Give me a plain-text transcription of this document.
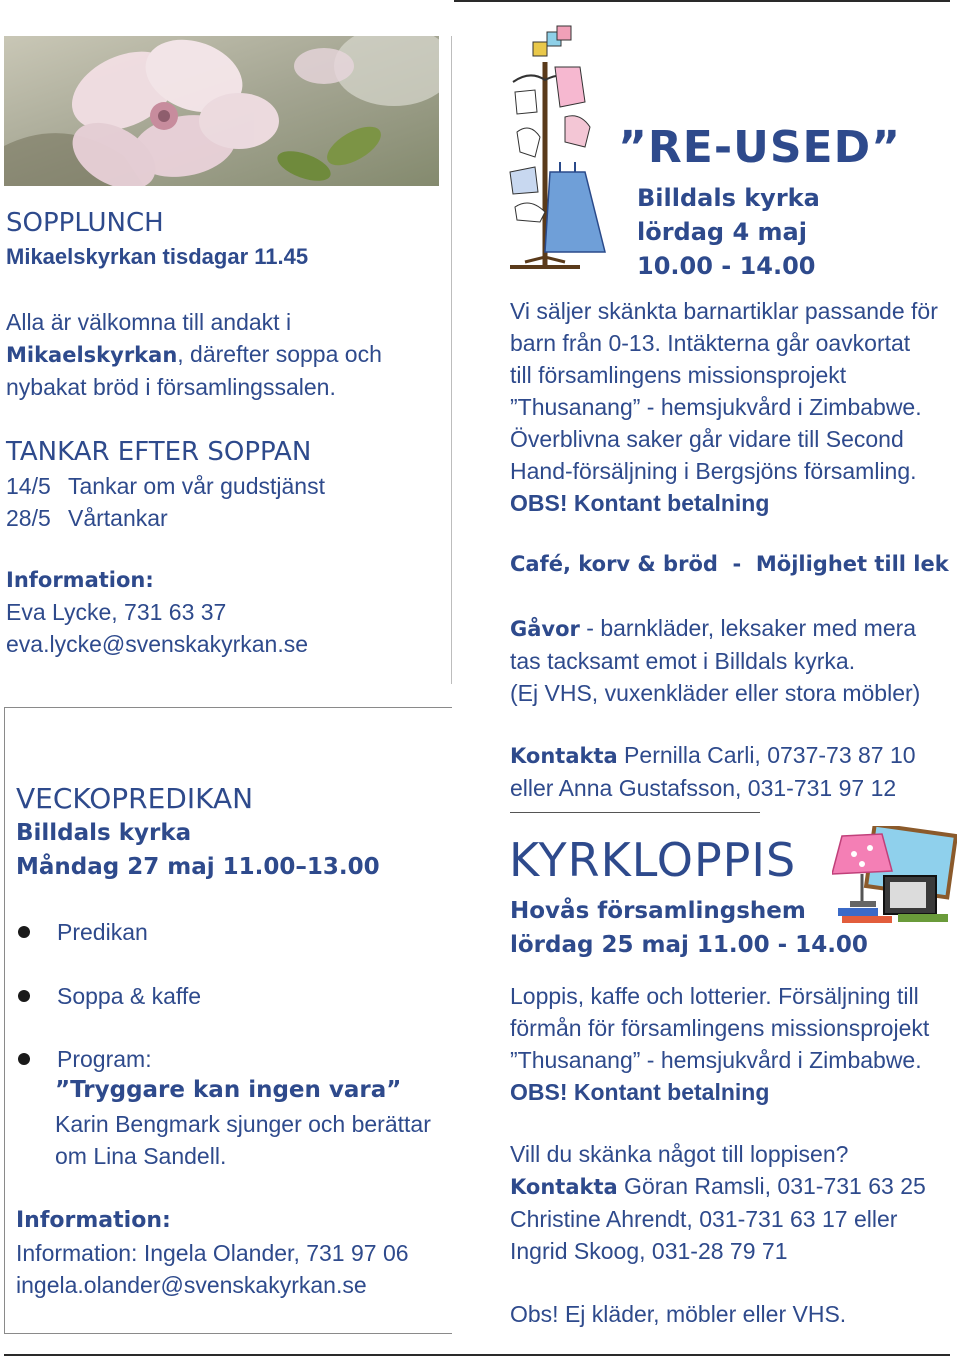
SOPPLUNCH
Mikaelskyrkan tisdagar 11.45
Alla är välkomna till andakt i
Mikaelskyrkan, därefter soppa och
nybakat bröd i församlingssalen.
TANKAR EFTER SOPPAN
14/5 Tankar om vår gudstjänst
28/5 Vårtankar
Information:
Eva Lycke, 731 63 37
eva.lycke@svenskakyrkan.se
VECKOPREDIKAN
Billdals kyrka
Måndag 27 maj 11.00–13.00
Predikan
Soppa & kaffe
Program:
”Tryggare kan ingen vara”
Karin Bengmark sjunger och berättar
om Lina Sandell.
Information:
Information: Ingela Olander, 731 97 06
ingela.olander@svenskakyrkan.se
”RE-USED”
Billdals kyrka
lördag 4 maj
10.00 - 14.00
Vi säljer skänkta barnartiklar passande för
barn från 0-13. Intäkterna går oavkortat
till församlingens missionsprojekt
”Thusanang” - hemsjukvård i Zimbabwe.
Överblivna saker går vidare till Second
Hand-försäljning i Bergsjöns församling.
OBS! Kontant betalning
Café, korv & bröd  -  Möjlighet till lek
Gåvor - barnkläder, leksaker med mera
tas tacksamt emot i Billdals kyrka.
(Ej VHS, vuxenkläder eller stora möbler)
Kontakta Pernilla Carli, 0737-73 87 10
eller Anna Gustafsson, 031-731 97 12
KYRKLOPPIS
Hovås församlingshem
lördag 25 maj 11.00 - 14.00
Loppis, kaffe och lotterier. Försäljning till
förmån för församlingens missionsprojekt
”Thusanang” - hemsjukvård i Zimbabwe.
OBS! Kontant betalning
Vill du skänka något till loppisen?
Kontakta Göran Ramsli, 031-731 63 25
Christine Ahrendt, 031-731 63 17 eller
Ingrid Skoog, 031-28 79 71
Obs! Ej kläder, möbler eller VHS.
